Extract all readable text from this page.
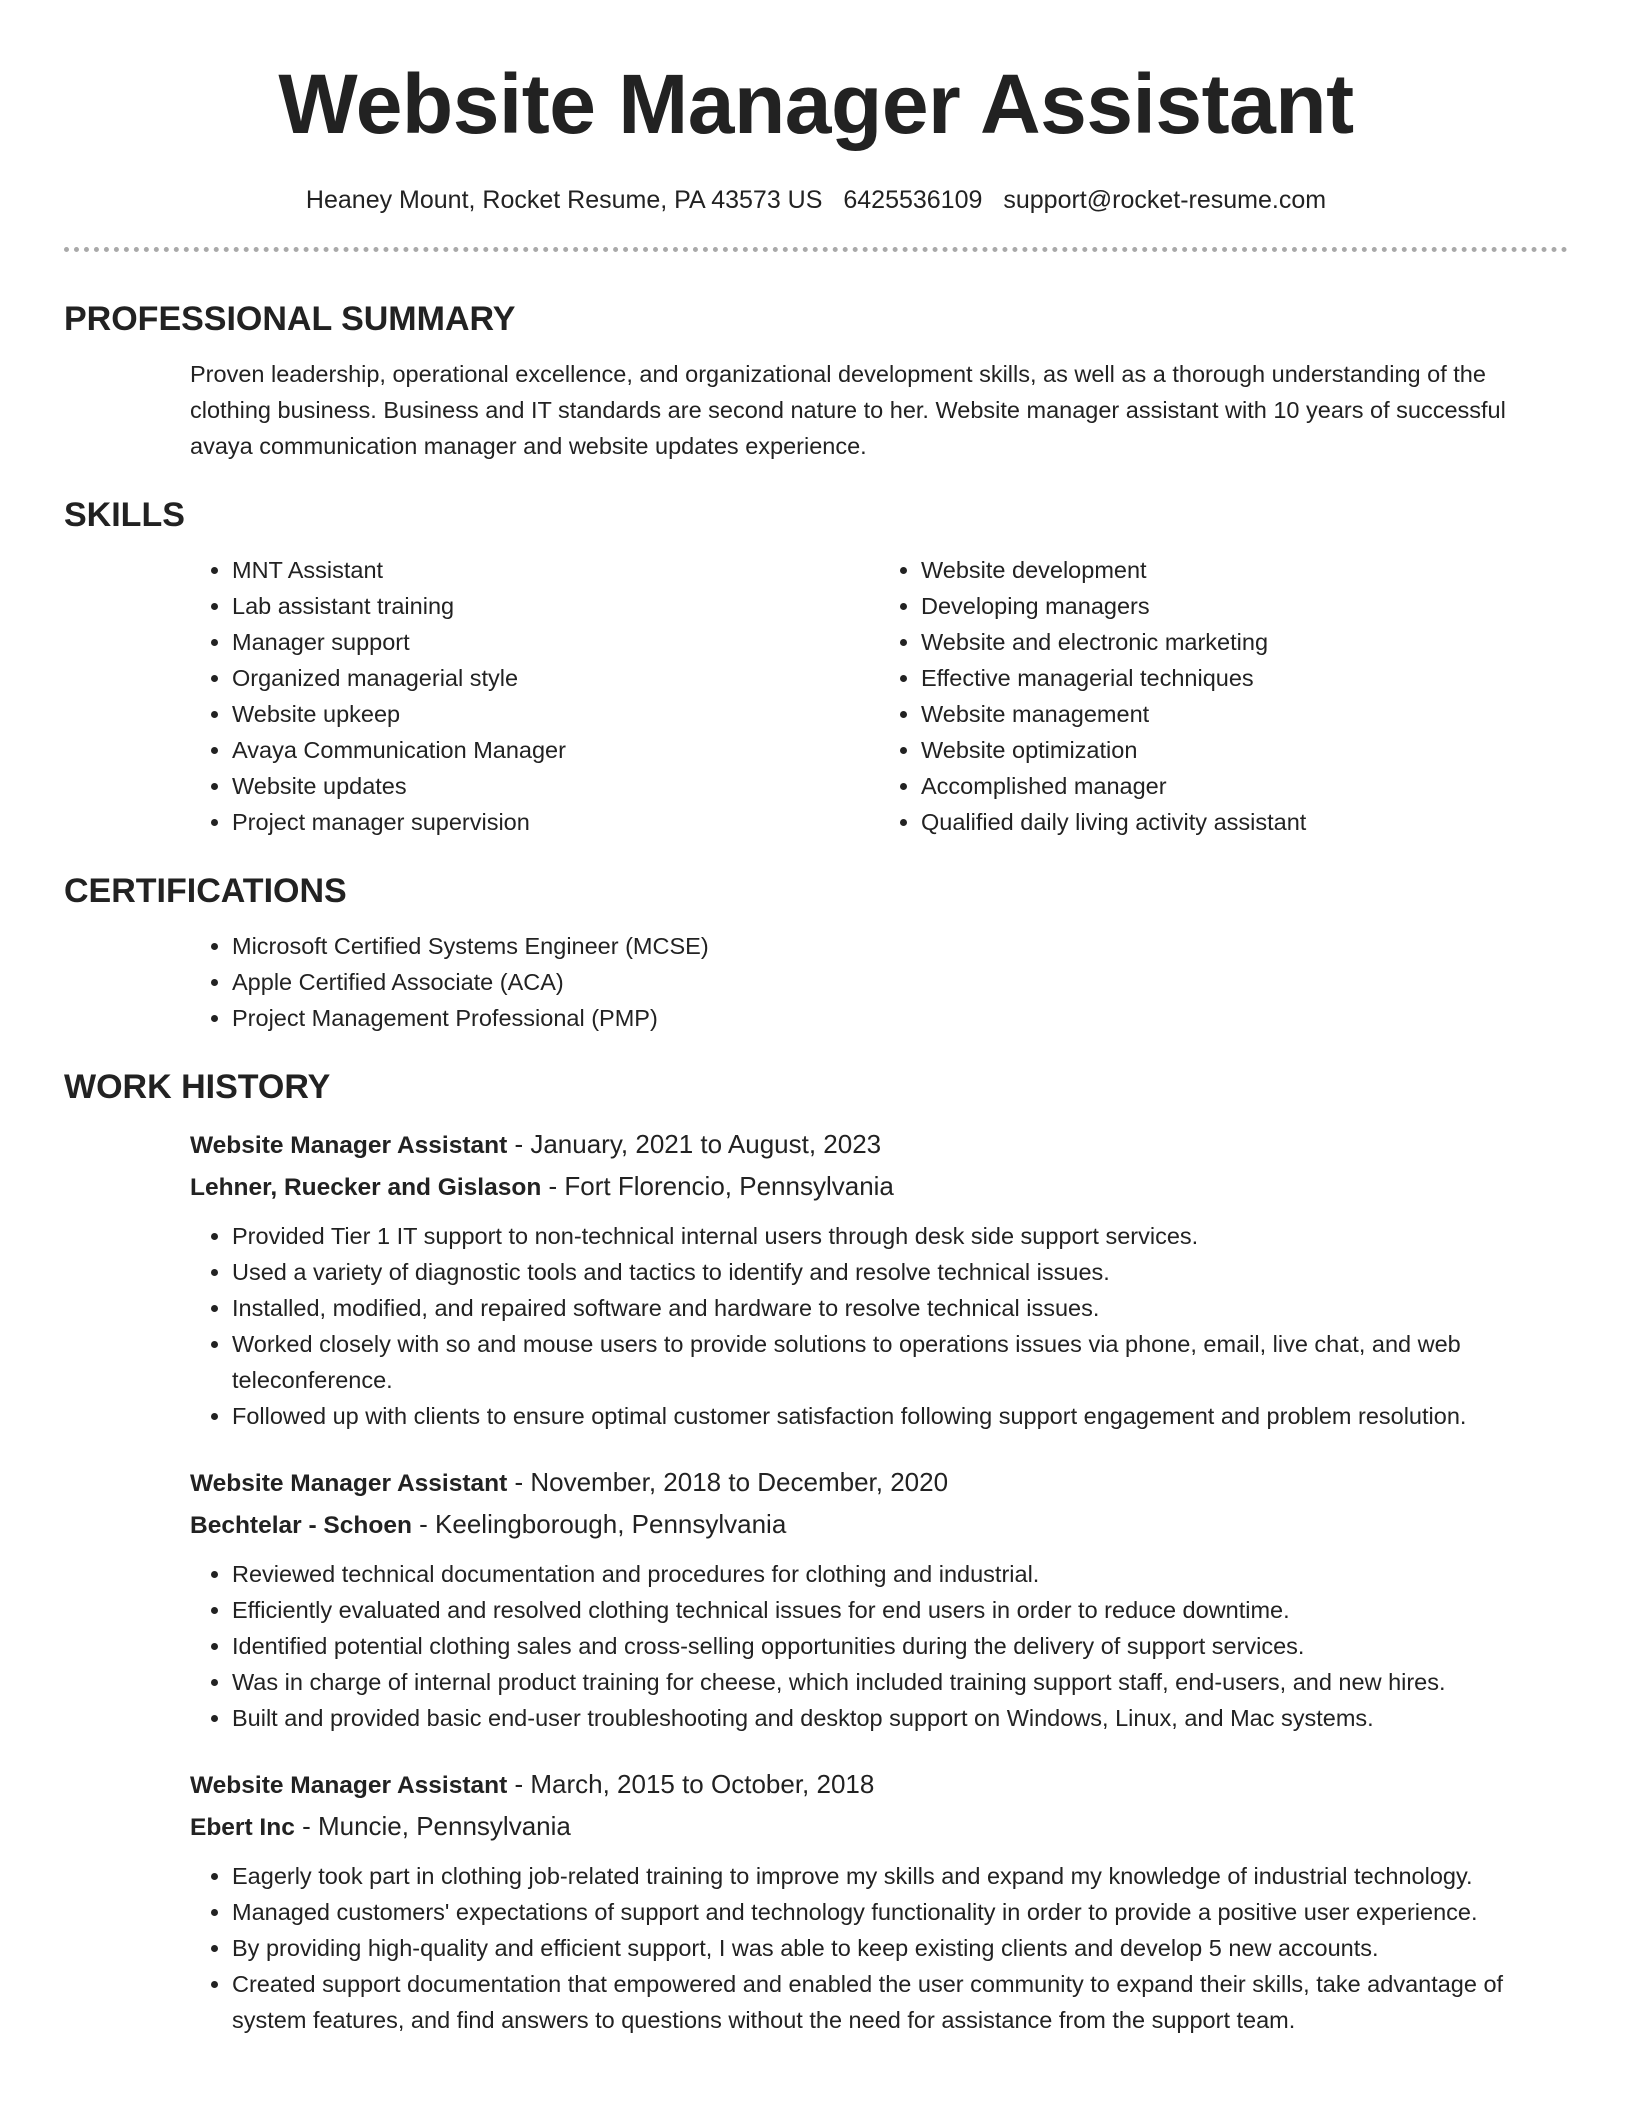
Website Manager Assistant
Heaney Mount, Rocket Resume, PA 43573 US 6425536109 support@rocket-resume.com
PROFESSIONAL SUMMARY

Proven leadership, operational excellence, and organizational development skills, as well as a thorough understanding of the clothing business. Business and IT standards are second nature to her. Website manager assistant with 10 years of successful avaya communication manager and website updates experience.

SKILLS
• MNT Assistant
• Lab assistant training
• Manager support
• Organized managerial style
• Website upkeep
• Avaya Communication Manager
• Website updates
• Project manager supervision
• Website development
• Developing managers
• Website and electronic marketing
• Effective managerial techniques
• Website management
• Website optimization
• Accomplished manager
• Qualified daily living activity assistant
CERTIFICATIONS
• Microsoft Certified Systems Engineer (MCSE)
• Apple Certified Associate (ACA)
• Project Management Professional (PMP)
WORK HISTORY
Website Manager Assistant - January, 2021 to August, 2023
Lehner, Ruecker and Gislason - Fort Florencio, Pennsylvania
• Provided Tier 1 IT support to non-technical internal users through desk side support services.
• Used a variety of diagnostic tools and tactics to identify and resolve technical issues.
• Installed, modified, and repaired software and hardware to resolve technical issues.
• Worked closely with so and mouse users to provide solutions to operations issues via phone, email, live chat, and web teleconference.
• Followed up with clients to ensure optimal customer satisfaction following support engagement and problem resolution.
Website Manager Assistant - November, 2018 to December, 2020
Bechtelar - Schoen - Keelingborough, Pennsylvania
• Reviewed technical documentation and procedures for clothing and industrial.
• Efficiently evaluated and resolved clothing technical issues for end users in order to reduce downtime.
• Identified potential clothing sales and cross-selling opportunities during the delivery of support services.
• Was in charge of internal product training for cheese, which included training support staff, end-users, and new hires.
• Built and provided basic end-user troubleshooting and desktop support on Windows, Linux, and Mac systems.
Website Manager Assistant - March, 2015 to October, 2018
Ebert Inc - Muncie, Pennsylvania
• Eagerly took part in clothing job-related training to improve my skills and expand my knowledge of industrial technology.
• Managed customers' expectations of support and technology functionality in order to provide a positive user experience.
• By providing high-quality and efficient support, I was able to keep existing clients and develop 5 new accounts.
• Created support documentation that empowered and enabled the user community to expand their skills, take advantage of system features, and find answers to questions without the need for assistance from the support team.
